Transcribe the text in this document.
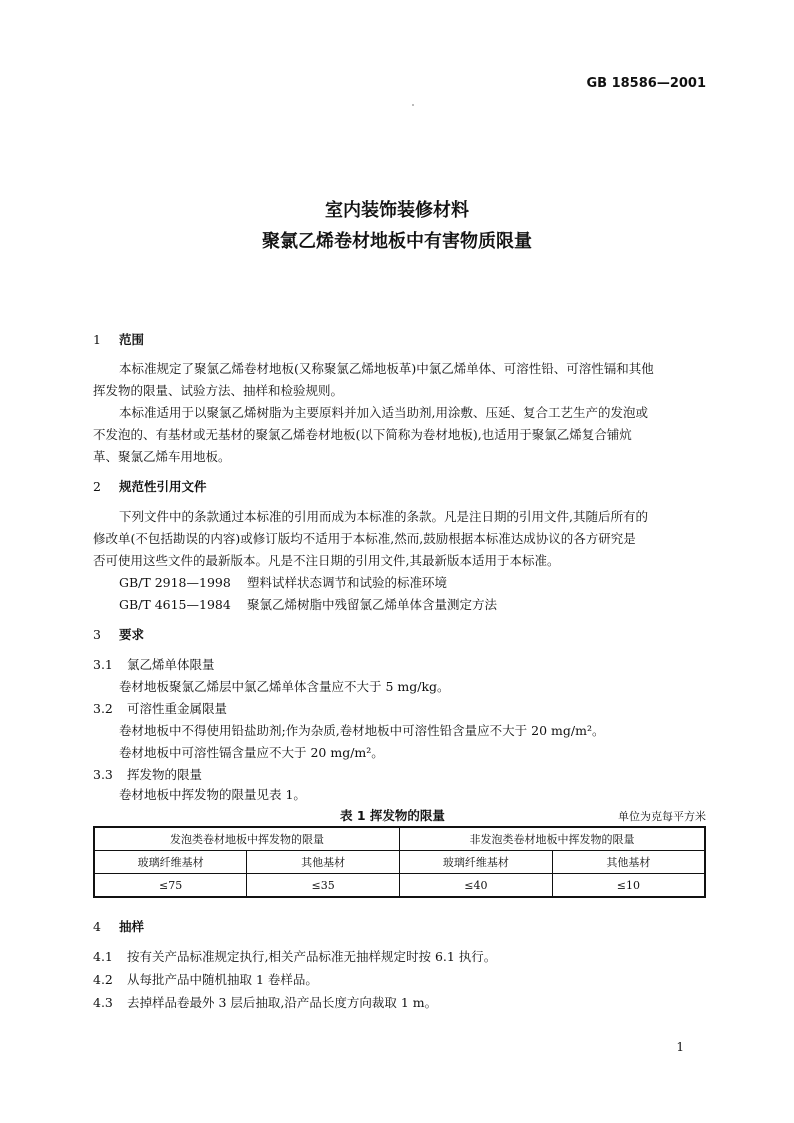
GB 18586—2001
室内装饰装修材料
聚氯乙烯卷材地板中有害物质限量
1 范围
本标准规定了聚氯乙烯卷材地板(又称聚氯乙烯地板革)中氯乙烯单体、可溶性铅、可溶性镉和其他
挥发物的限量、试验方法、抽样和检验规则。
本标准适用于以聚氯乙烯树脂为主要原料并加入适当助剂,用涂敷、压延、复合工艺生产的发泡或
不发泡的、有基材或无基材的聚氯乙烯卷材地板(以下简称为卷材地板),也适用于聚氯乙烯复合铺炕
革、聚氯乙烯车用地板。
2 规范性引用文件
下列文件中的条款通过本标准的引用而成为本标准的条款。凡是注日期的引用文件,其随后所有的
修改单(不包括勘误的内容)或修订版均不适用于本标准,然而,鼓励根据本标准达成协议的各方研究是
否可使用这些文件的最新版本。凡是不注日期的引用文件,其最新版本适用于本标准。
GB/T 2918—1998 塑料试样状态调节和试验的标准环境
GB/T 4615—1984 聚氯乙烯树脂中残留氯乙烯单体含量测定方法
3 要求
3.1 氯乙烯单体限量
卷材地板聚氯乙烯层中氯乙烯单体含量应不大于 5 mg/kg。
3.2 可溶性重金属限量
卷材地板中不得使用铅盐助剂;作为杂质,卷材地板中可溶性铅含量应不大于 20 mg/m²。
卷材地板中可溶性镉含量应不大于 20 mg/m²。
3.3 挥发物的限量
卷材地板中挥发物的限量见表 1。
表 1 挥发物的限量	单位为克每平方米
发泡类卷材地板中挥发物的限量		非发泡类卷材地板中挥发物的限量	
玻璃纤维基材	其他基材	玻璃纤维基材	其他基材
≤75	≤35	≤40	≤10
4 抽样
4.1 按有关产品标准规定执行,相关产品标准无抽样规定时按 6.1 执行。
4.2 从每批产品中随机抽取 1 卷样品。
4.3 去掉样品卷最外 3 层后抽取,沿产品长度方向裁取 1 m。
1
